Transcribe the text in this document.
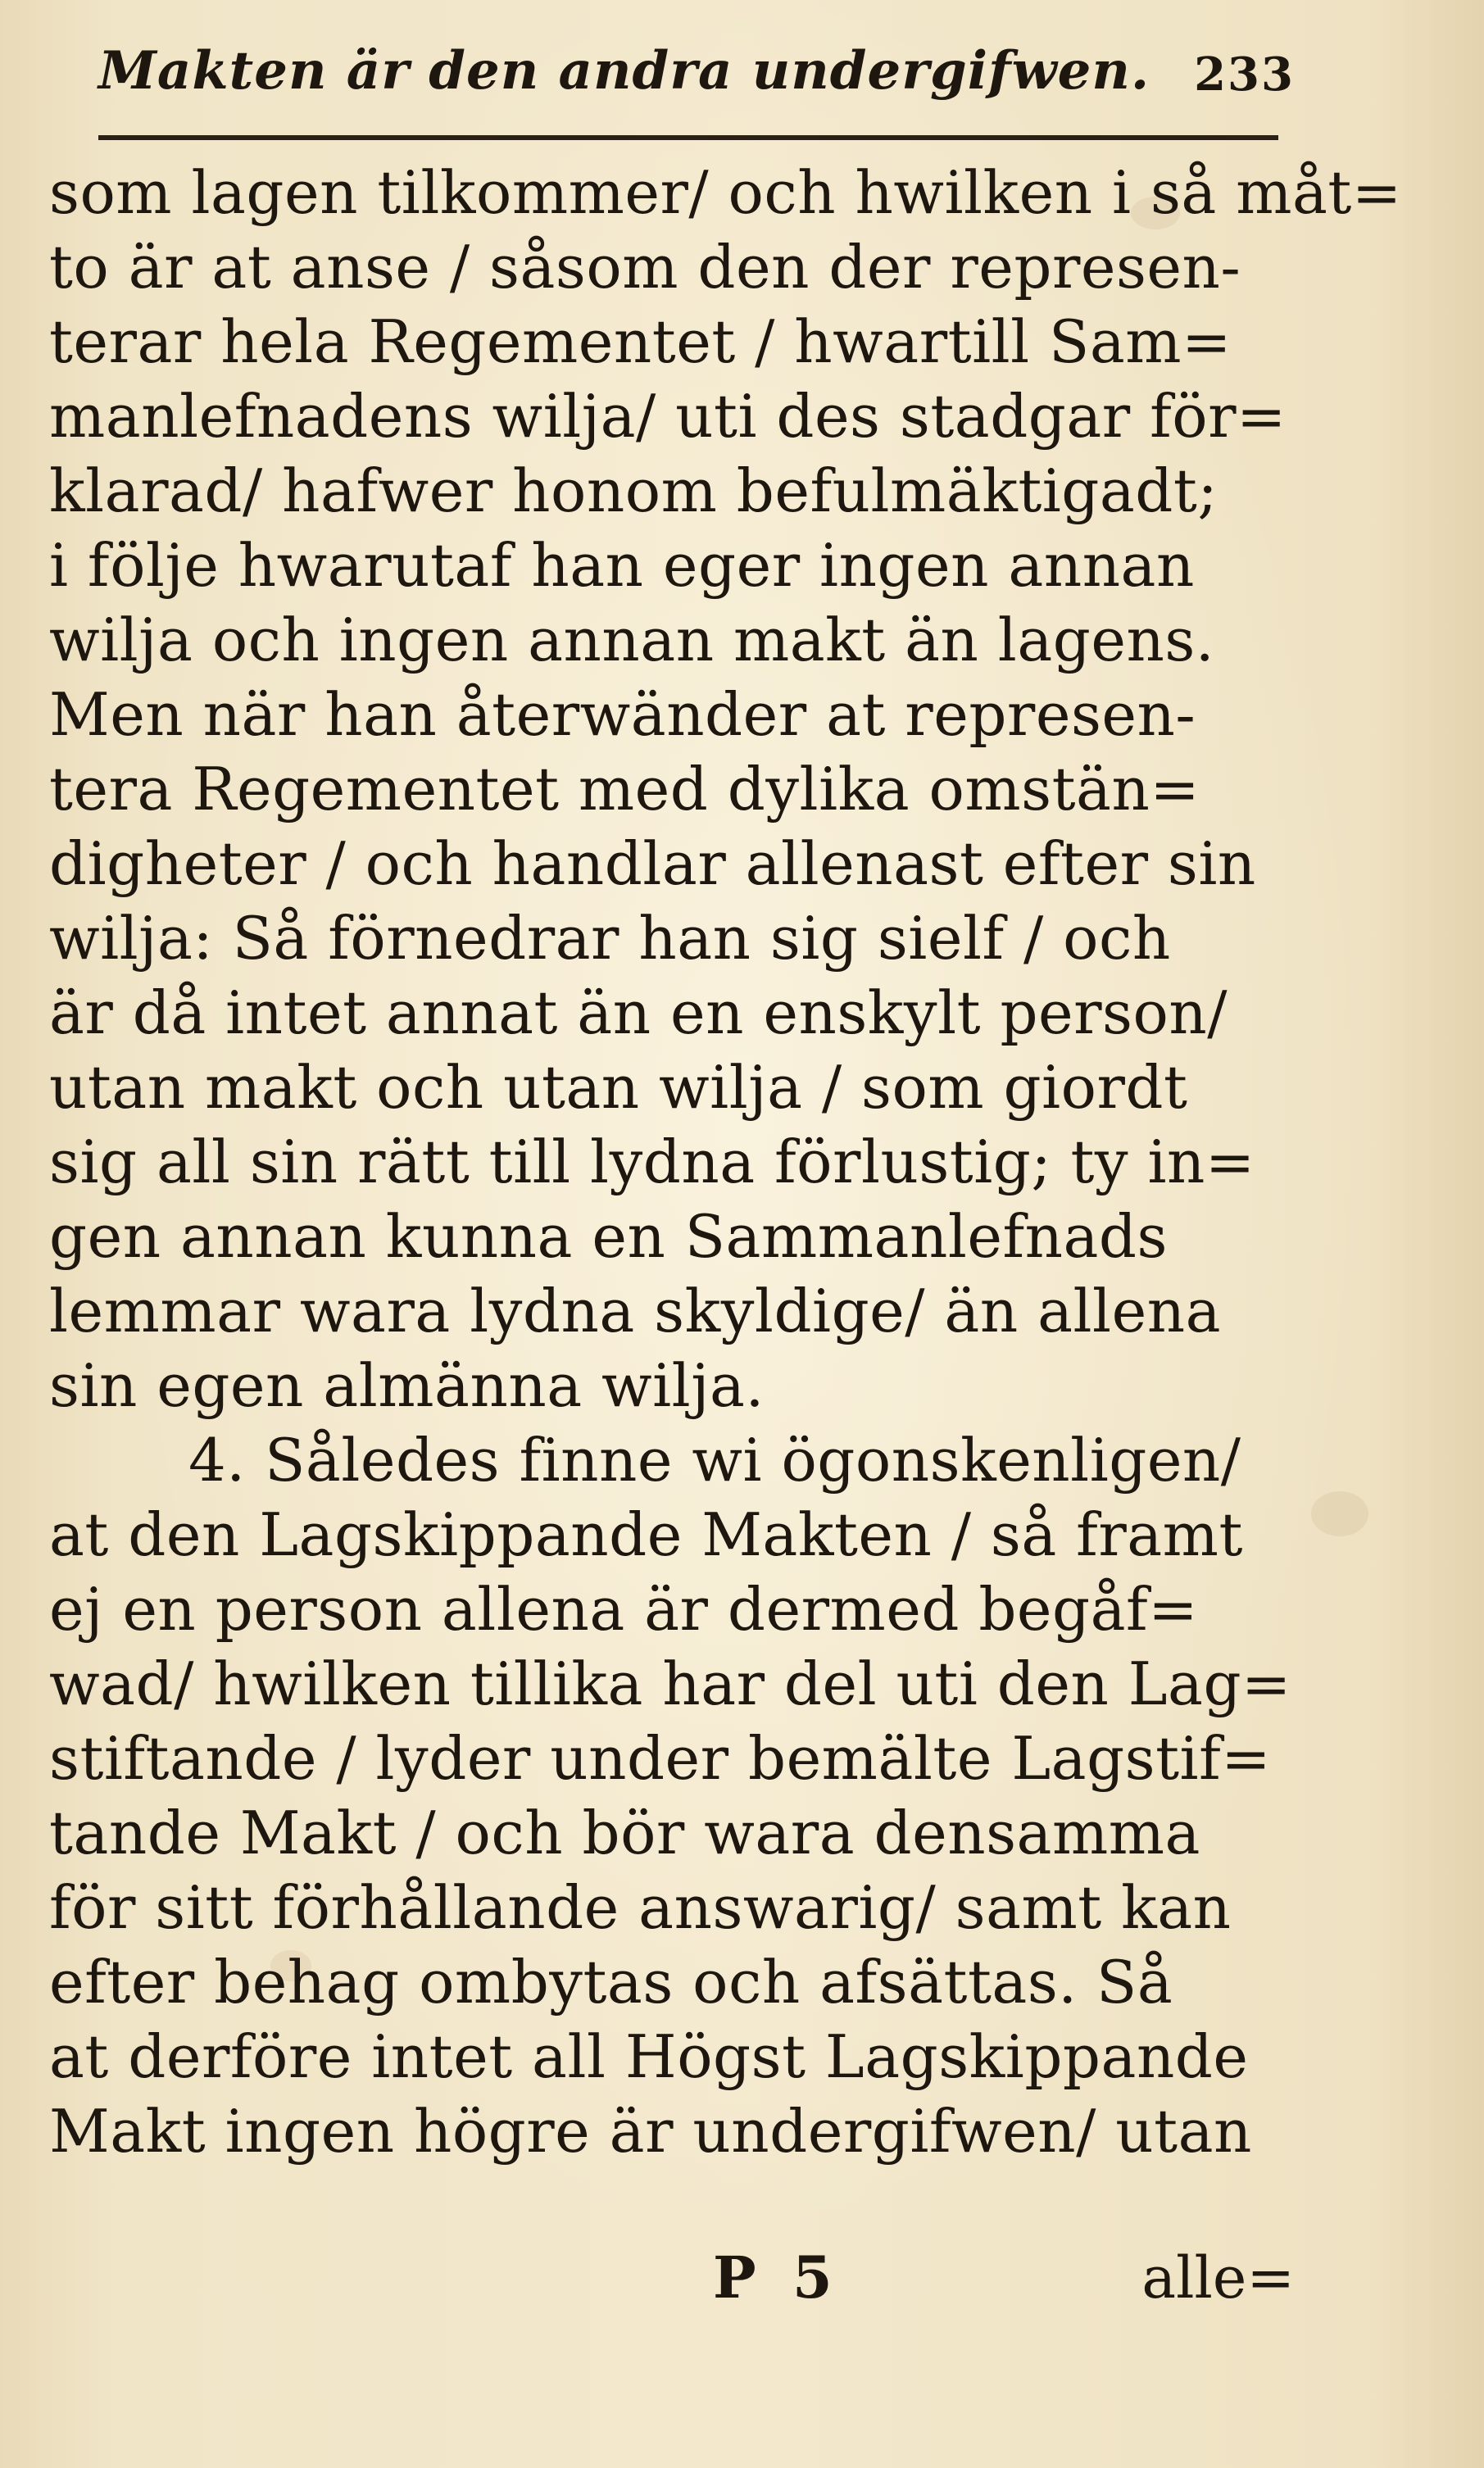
Makten är den andra undergifwen. 233
som lagen tilkommer/ och hwilken i så måt=
to är at anse / såsom den der represen-
terar hela Regementet / hwartill Sam=
manlefnadens wilja/ uti des stadgar för=
klarad/ hafwer honom befulmäktigadt;
i följe hwarutaf han eger ingen annan
wilja och ingen annan makt än lagens.
Men när han återwänder at represen-
tera Regementet med dylika omstän=
digheter / och handlar allenast efter sin
wilja: Så förnedrar han sig sielf / och
är då intet annat än en enskylt person/
utan makt och utan wilja / som giordt
sig all sin rätt till lydna förlustig; ty in=
gen annan kunna en Sammanlefnads
lemmar wara lydna skyldige/ än allena
sin egen almänna wilja.
4. Således finne wi ögonskenligen/
at den Lagskippande Makten / så framt
ej en person allena är dermed begåf=
wad/ hwilken tillika har del uti den Lag=
stiftande / lyder under bemälte Lagstif=
tande Makt / och bör wara densamma
för sitt förhållande answarig/ samt kan
efter behag ombytas och afsättas. Så
at derföre intet all Högst Lagskippande
Makt ingen högre är undergifwen/ utan
P 5	alle=
